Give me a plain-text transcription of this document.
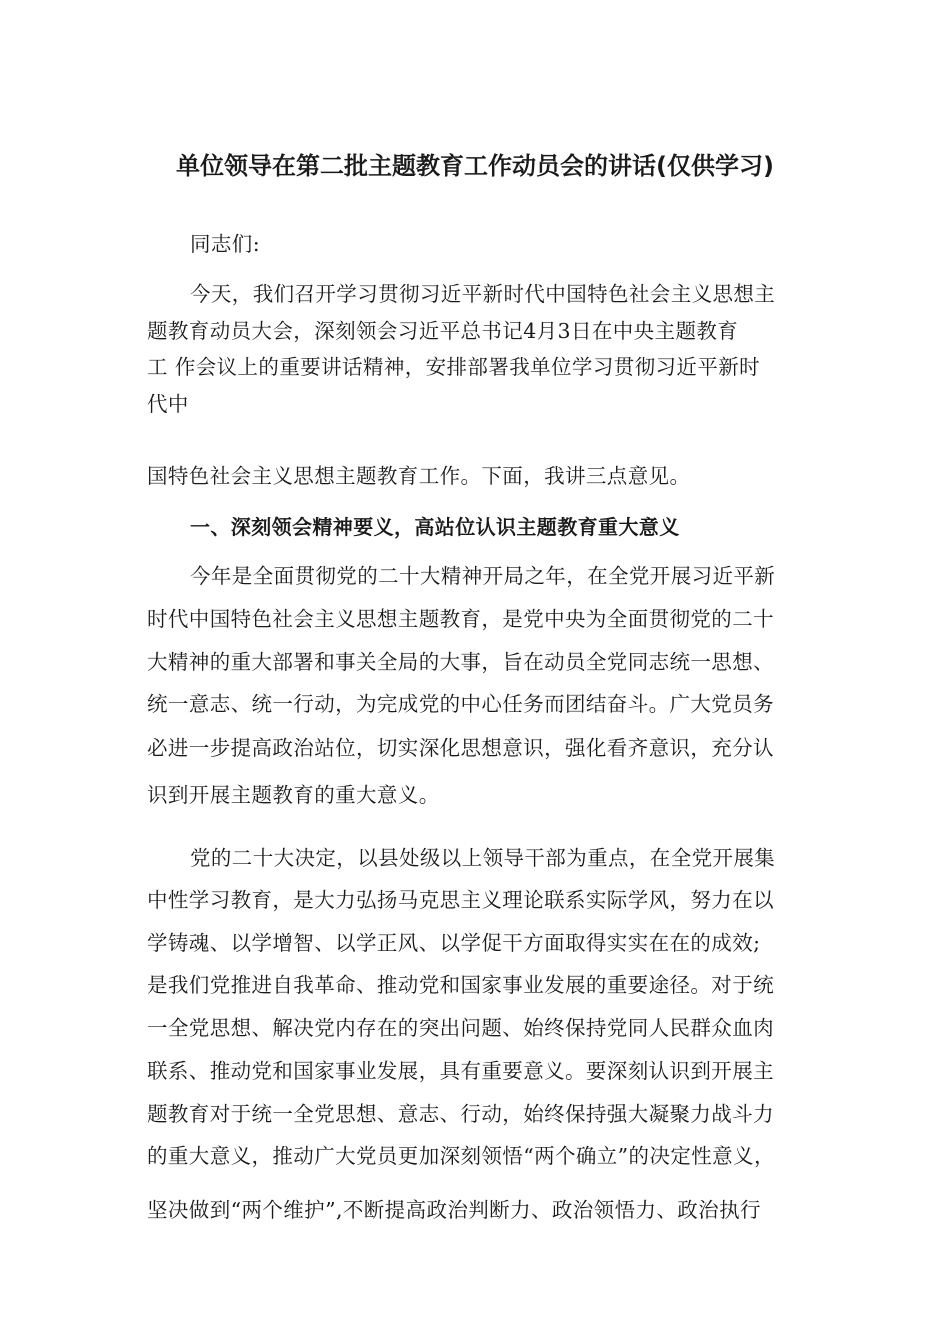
单位领导在第二批主题教育工作动员会的讲话(仅供学习)
同志们:
今天，我们召开学习贯彻习近平新时代中国特色社会主义思想主
题教育动员大会，深刻领会习近平总书记4月3日在中央主题教育
工 作会议上的重要讲话精神，安排部署我单位学习贯彻习近平新时
代中
国特色社会主义思想主题教育工作。下面，我讲三点意见。
一、深刻领会精神要义，高站位认识主题教育重大意义
今年是全面贯彻党的二十大精神开局之年，在全党开展习近平新
时代中国特色社会主义思想主题教育，是党中央为全面贯彻党的二十
大精神的重大部署和事关全局的大事，旨在动员全党同志统一思想、
统一意志、统一行动，为完成党的中心任务而团结奋斗。广大党员务
必进一步提高政治站位，切实深化思想意识，强化看齐意识，充分认
识到开展主题教育的重大意义。
党的二十大决定，以县处级以上领导干部为重点，在全党开展集
中性学习教育，是大力弘扬马克思主义理论联系实际学风，努力在以
学铸魂、以学增智、以学正风、以学促干方面取得实实在在的成效;
是我们党推进自我革命、推动党和国家事业发展的重要途径。对于统
一全党思想、解决党内存在的突出问题、始终保持党同人民群众血肉
联系、推动党和国家事业发展，具有重要意义。要深刻认识到开展主
题教育对于统一全党思想、意志、行动，始终保持强大凝聚力战斗力
的重大意义，推动广大党员更加深刻领悟“两个确立”的决定性意义，
坚决做到“两个维护”,不断提高政治判断力、政治领悟力、政治执行
